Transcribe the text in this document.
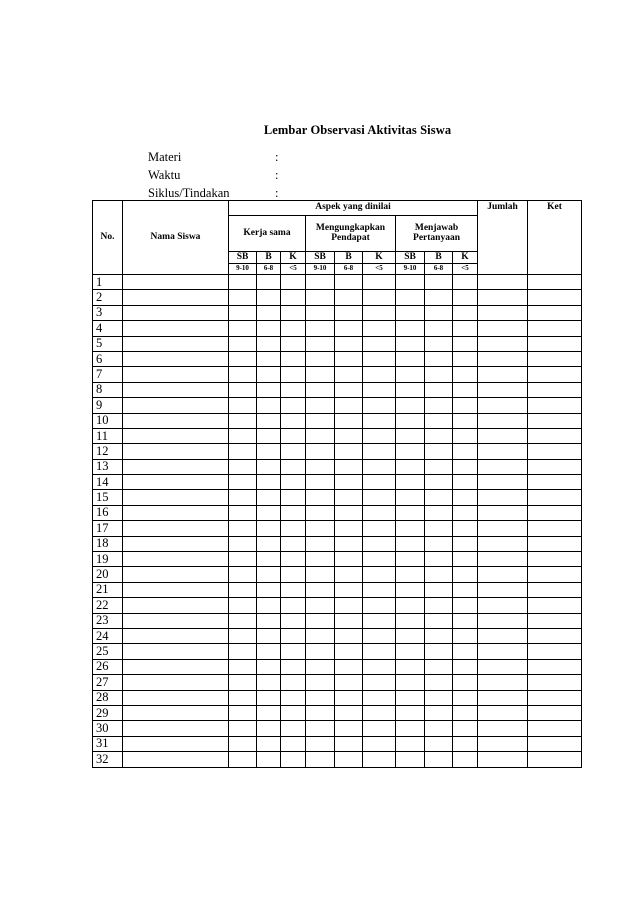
Lembar Observasi Aktivitas Siswa
Materi	:
Waktu	:
Siklus/Tindakan	:
No.	Nama Siswa	Aspek yang dinilai									Jumlah	Ket
		Kerja sama			Mengungkapkan Pendapat			Menjawab Pertanyaan				
		SB	B	K	SB	B	K	SB	B	K		
		9-10	6-8	<5	9-10	6-8	<5	9-10	6-8	<5		
1												
2												
3												
4												
5												
6												
7												
8												
9												
10												
11												
12												
13												
14												
15												
16												
17												
18												
19												
20												
21												
22												
23												
24												
25												
26												
27												
28												
29												
30												
31												
32												
